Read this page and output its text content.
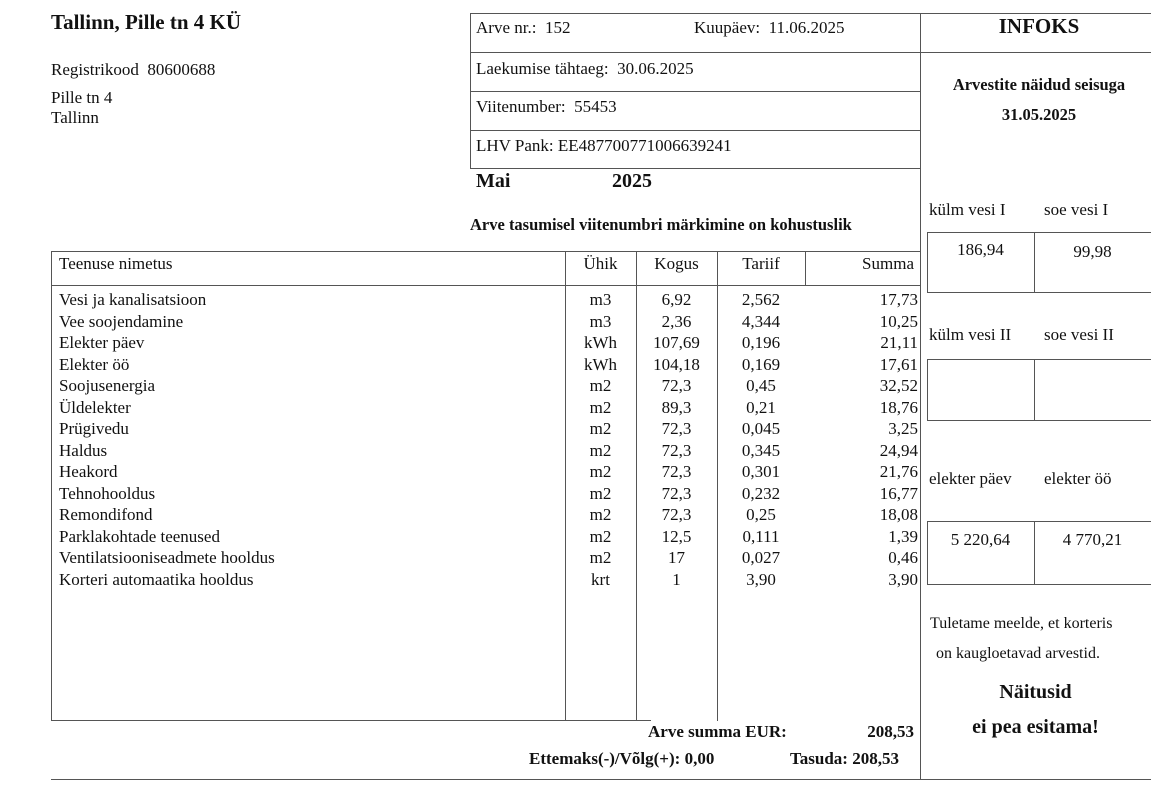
Tallinn, Pille tn 4 KÜ
Registrikood 80600688
Pille tn 4
Tallinn
Arve nr.: 152	Kuupäev: 11.06.2025
Laekumise tähtaeg: 30.06.2025
Viitenumber: 55453
LHV Pank: EE487700771006639241
Mai	2025
Arve tasumisel viitenumbri märkimine on kohustuslik
Teenuse nimetus	Ühik	Kogus	Tariif	Summa
Vesi ja kanalisatsioon	m3	6,92	2,562	17,73
Vee soojendamine	m3	2,36	4,344	10,25
Elekter päev	kWh	107,69	0,196	21,11
Elekter öö	kWh	104,18	0,169	17,61
Soojusenergia	m2	72,3	0,45	32,52
Üldelekter	m2	89,3	0,21	18,76
Prügivedu	m2	72,3	0,045	3,25
Haldus	m2	72,3	0,345	24,94
Heakord	m2	72,3	0,301	21,76
Tehnohooldus	m2	72,3	0,232	16,77
Remondifond	m2	72,3	0,25	18,08
Parklakohtade teenused	m2	12,5	0,111	1,39
Ventilatsiooniseadmete hooldus	m2	17	0,027	0,46
Korteri automaatika hooldus	krt	1	3,90	3,90
Arve summa EUR:	208,53
Ettemaks(-)/Võlg(+): 0,00	Tasuda: 208,53
INFOKS
Arvestite näidud seisuga
31.05.2025
külm vesi I soe vesi I
186,94	99,98
külm vesi II soe vesi II
elekter päev elekter öö
5 220,64	4 770,21
Tuletame meelde, et korteris
on kaugloetavad arvestid.
Näitusid
ei pea esitama!
